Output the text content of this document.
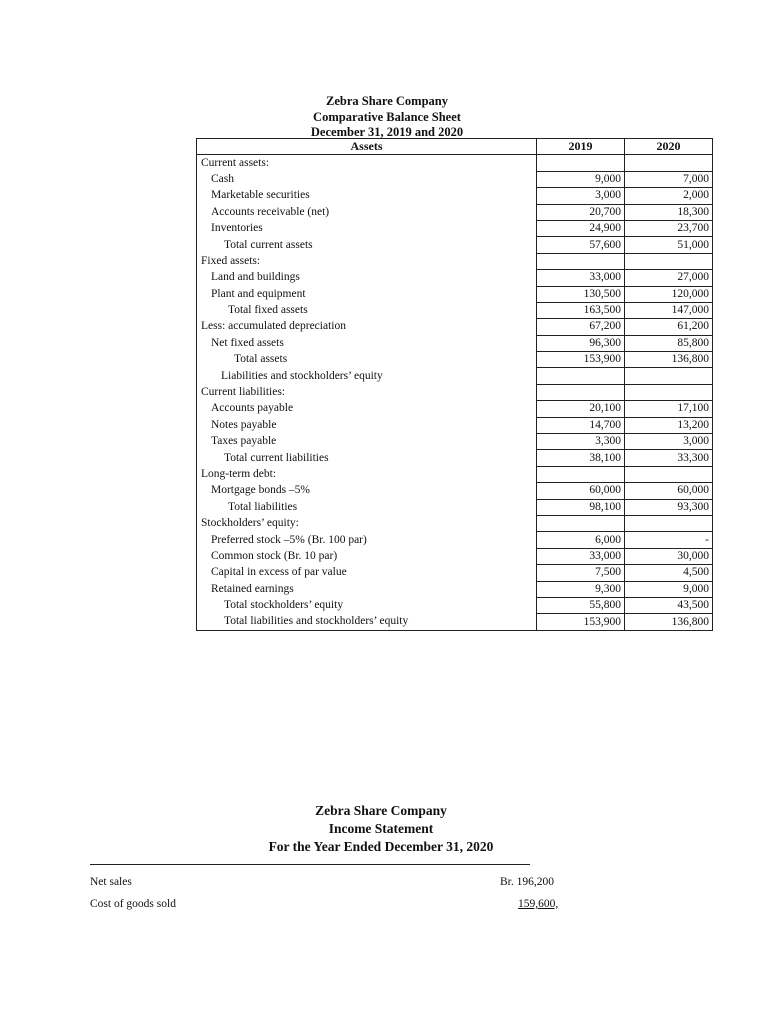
Zebra Share Company
Comparative Balance Sheet
December 31, 2019 and 2020
Assets	2019	2020
Current assets:		
Cash	9,000	7,000
Marketable securities	3,000	2,000
Accounts receivable (net)	20,700	18,300
Inventories	24,900	23,700
Total current assets	57,600	51,000
Fixed assets:		
Land and buildings	33,000	27,000
Plant and equipment	130,500	120,000
Total fixed assets	163,500	147,000
Less: accumulated depreciation	67,200	61,200
Net fixed assets	96,300	85,800
Total assets	153,900	136,800
Liabilities and stockholders’ equity		
Current liabilities:		
Accounts payable	20,100	17,100
Notes payable	14,700	13,200
Taxes payable	3,300	3,000
Total current liabilities	38,100	33,300
Long-term debt:		
Mortgage bonds –5%	60,000	60,000
Total liabilities	98,100	93,300
Stockholders’ equity:		
Preferred stock –5% (Br. 100 par)	6,000	-
Common stock (Br. 10 par)	33,000	30,000
Capital in excess of par value	7,500	4,500
Retained earnings	9,300	9,000
Total stockholders’ equity	55,800	43,500
Total liabilities and stockholders’ equity	153,900	136,800
Zebra Share Company
Income Statement
For the Year Ended December 31, 2020
Net sales	Br. 196,200
Cost of goods sold	159,600,
